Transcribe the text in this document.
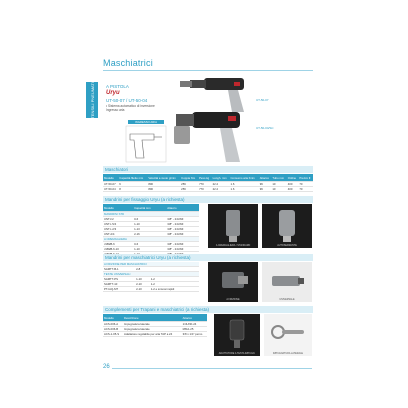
UTENSILI PNEUMATICI
Maschiatrici
A PISTOLA
Uryu
UT-50-07 / UT-50-04
• Sistema automatico di inversione
Ingresso aria
INGRESSO ARIA
UT-50-07
UT-50-04/SC
Maschiatori
Modello	Capacità filetto mm	Velocità a vuoto g/min	Coppia Nm	Peso kg	Lungh. mm	Consumo aria l/min	Attacco	Tubo mm	Ordine	Prezzo €
UT-50-07	6	800	256	770	22.2	1.6	96	10	400	70
UT-50-04	8	800	256	770	22.2	1.6	96	10	400	70
Mandrini per fissaggio Uryu (a richiesta)
Modello	Capacità mm	Attacco
MANDRINI STD		
UNT-I/2	0-6	3/8" - 24UNF
UNT-I-5/4	1-10	3/8" - 24UNF
UNT-I-2/3	1-13	3/8" - 24UNF
UNT-2/4	2-16	3/8" - 24UNF
A CREMAGLIERA		
J1B2B-6	0-6	3/8" - 24UNF
J1B2B-6-10	1-10	3/8" - 24UNF

A CREMAGLIERA / STANDARD	AUTOSERRANTE
Mandrini per maschiatrici Uryu (a richiesta)
A FRIZIONE PER MASCHIATRICI		
SAMTT-B-1	2-8	
TESTE UNIVERSALI		
SAMTT-PS	1-10	1-2
SAMTT-10	2-10	1-2
PT-IAQ-MT	2-10	1-2 e smussi rapidi
A FRIZIONE	UNIVERSALE
Complementi per Trapani e maschiatrici (a richiesta)
Modello	Descrizione	Attacco
ACS-006-A	Impugnatura laterale	1/4UNF-24
ACS-006-B	Impugnatura laterale	M8x1.25
ACS-1-05-S	Adattatore regolabile per aria TAP a 24	3/8 x 1/4" perno
ADATTATORE A TESTA IMPUGN.	IMPUGNATURA LATERALE
26
